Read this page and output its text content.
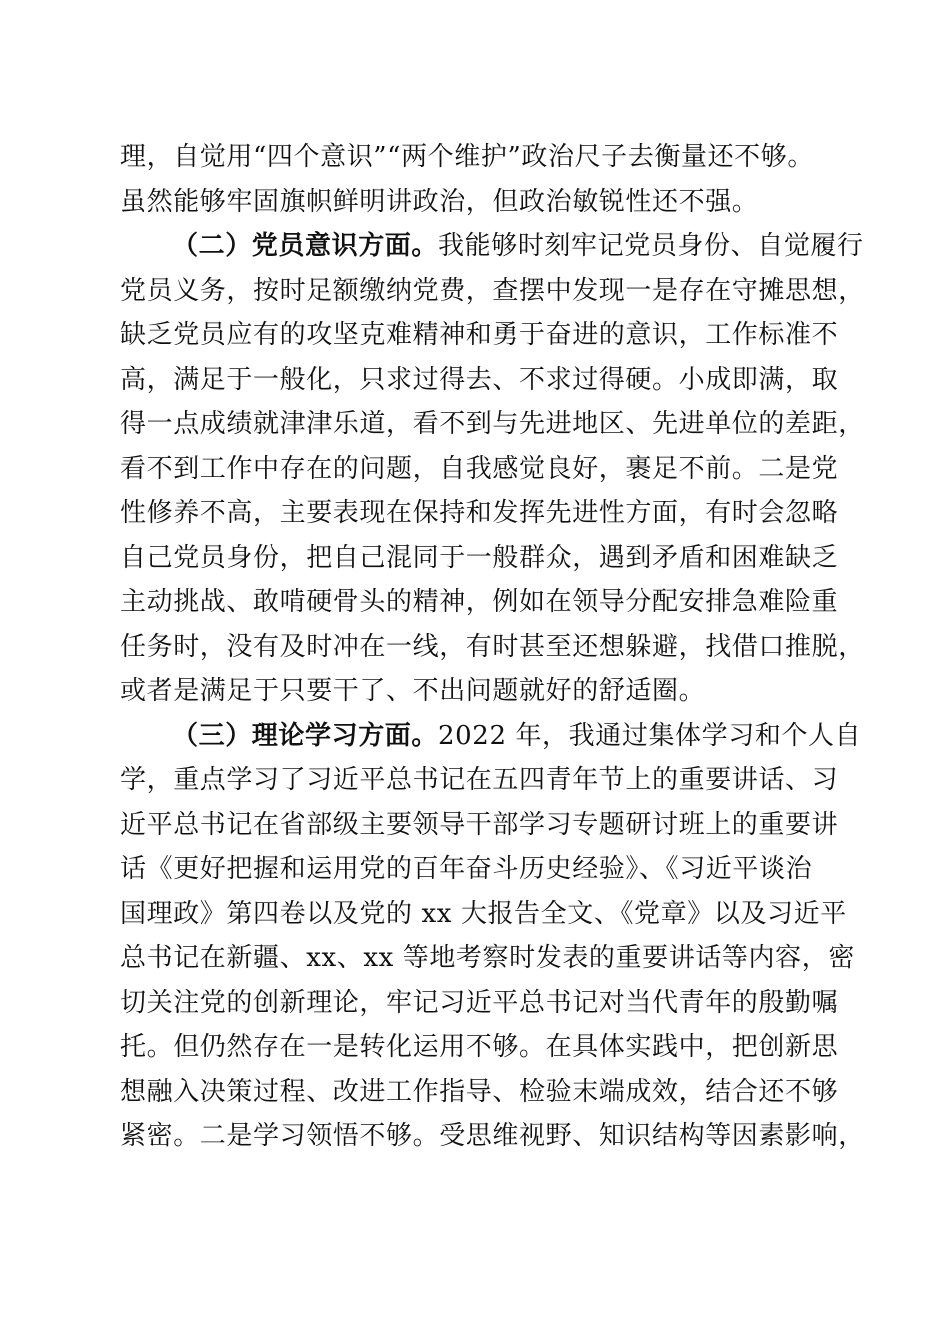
理，自觉用“四个意识”“两个维护”政治尺子去衡量还不够。
虽然能够牢固旗帜鲜明讲政治，但政治敏锐性还不强。
（二）党员意识方面。我能够时刻牢记党员身份、自觉履行
党员义务，按时足额缴纳党费，查摆中发现一是存在守摊思想，
缺乏党员应有的攻坚克难精神和勇于奋进的意识，工作标准不
高，满足于一般化，只求过得去、不求过得硬。小成即满，取
得一点成绩就津津乐道，看不到与先进地区、先进单位的差距，
看不到工作中存在的问题，自我感觉良好，裹足不前。二是党
性修养不高，主要表现在保持和发挥先进性方面，有时会忽略
自己党员身份，把自己混同于一般群众，遇到矛盾和困难缺乏
主动挑战、敢啃硬骨头的精神，例如在领导分配安排急难险重
任务时，没有及时冲在一线，有时甚至还想躲避，找借口推脱，
或者是满足于只要干了、不出问题就好的舒适圈。
（三）理论学习方面。2022 年，我通过集体学习和个人自
学，重点学习了习近平总书记在五四青年节上的重要讲话、习
近平总书记在省部级主要领导干部学习专题研讨班上的重要讲
话《更好把握和运用党的百年奋斗历史经验》、《习近平谈治
国理政》第四卷以及党的 xx 大报告全文、《党章》以及习近平
总书记在新疆、xx、xx 等地考察时发表的重要讲话等内容，密
切关注党的创新理论，牢记习近平总书记对当代青年的殷勤嘱
托。但仍然存在一是转化运用不够。在具体实践中，把创新思
想融入决策过程、改进工作指导、检验末端成效，结合还不够
紧密。二是学习领悟不够。受思维视野、知识结构等因素影响，
